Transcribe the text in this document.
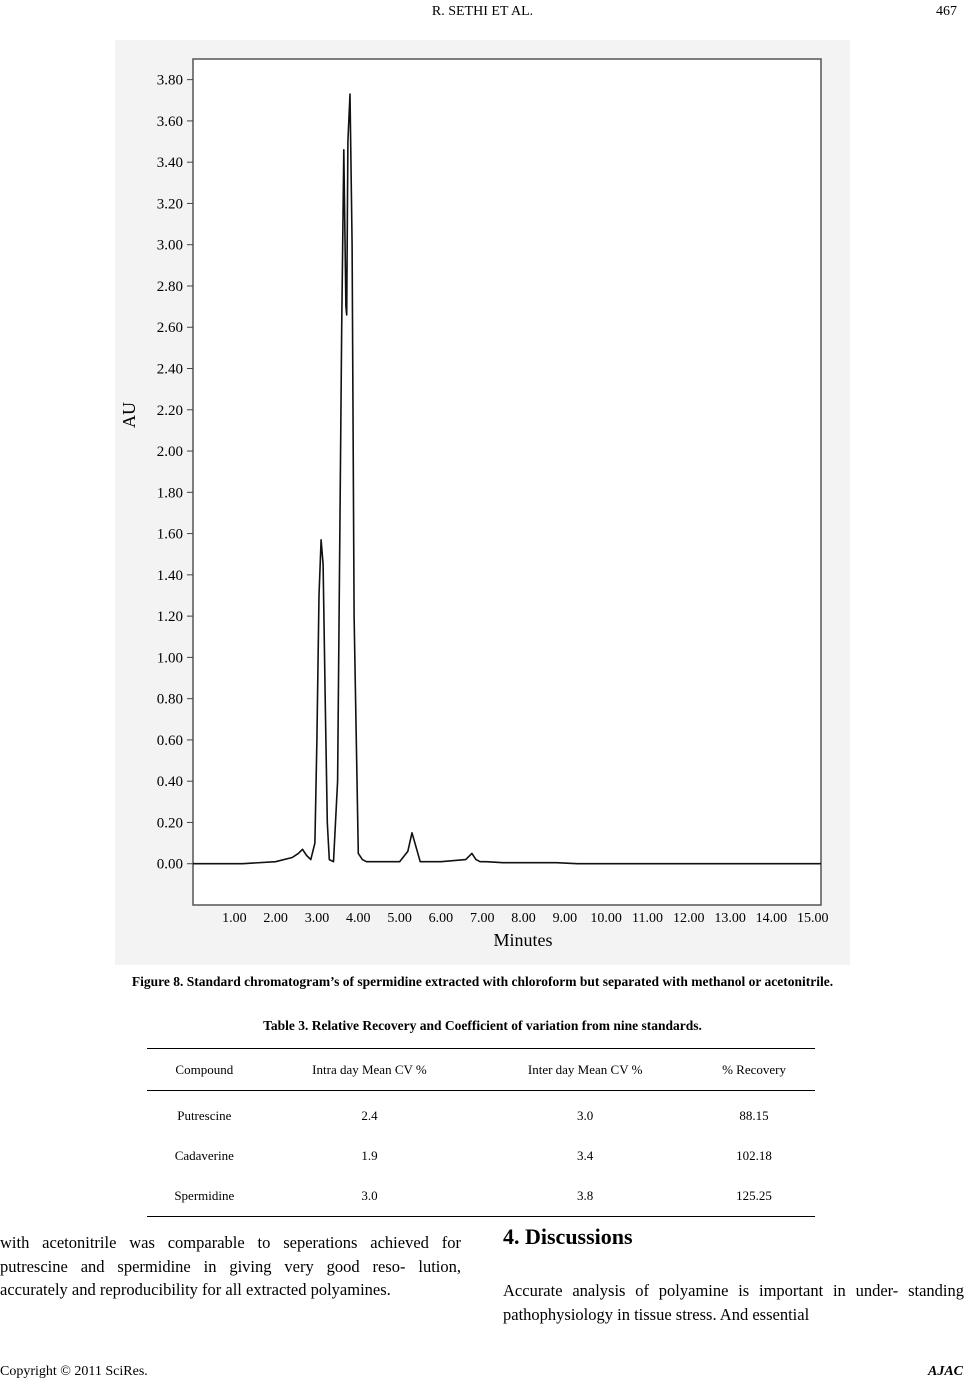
R. SETHI ET AL.	467
0.00
0.20
0.40
0.60
0.80
1.00
1.20
1.40
1.60
1.80
2.00
2.20
2.40
2.60
2.80
3.00
3.20
3.40
3.60
3.80
1.00 2.00 3.00 4.00 5.00 6.00 7.00 8.00 9.00 10.00 11.00 12.00 13.00 14.00 15.00
AU
Minutes
Figure 8. Standard chromatogram’s of spermidine extracted with chloroform but separated with methanol or acetonitrile.
Table 3. Relative Recovery and Coefficient of variation from nine standards.
Compound	Intra day Mean CV %	Inter day Mean CV %	% Recovery
Putrescine	2.4	3.0	88.15
Cadaverine	1.9	3.4	102.18
Spermidine	3.0	3.8	125.25

with acetonitrile was comparable to seperations achieved for putrescine and spermidine in giving very good reso- lution, accurately and reproducibility for all extracted polyamines.

4. Discussions

Accurate analysis of polyamine is important in under- standing pathophysiology in tissue stress. And essential

Copyright © 2011 SciRes.	AJAC
